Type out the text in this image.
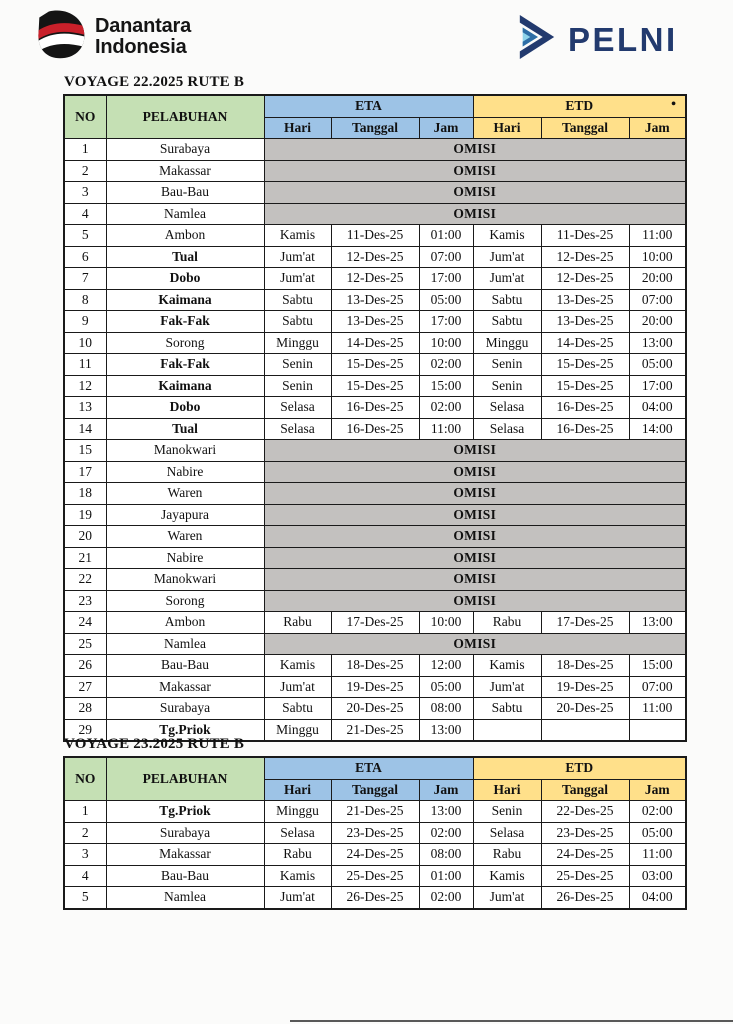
Danantara
Indonesia	PELNI
VOYAGE 22.2025 RUTE B
NO	PELABUHAN	ETA			ETD •		

		Hari	Tanggal	Jam	Hari	Tanggal	Jam
1	Surabaya	OMISI					
2	Makassar	OMISI					
3	Bau-Bau	OMISI					
4	Namlea	OMISI					
5	Ambon	Kamis	11-Des-25	01:00	Kamis	11-Des-25	11:00
6	Tual	Jum'at	12-Des-25	07:00	Jum'at	12-Des-25	10:00
7	Dobo	Jum'at	12-Des-25	17:00	Jum'at	12-Des-25	20:00
8	Kaimana	Sabtu	13-Des-25	05:00	Sabtu	13-Des-25	07:00
9	Fak-Fak	Sabtu	13-Des-25	17:00	Sabtu	13-Des-25	20:00
10	Sorong	Minggu	14-Des-25	10:00	Minggu	14-Des-25	13:00
11	Fak-Fak	Senin	15-Des-25	02:00	Senin	15-Des-25	05:00
12	Kaimana	Senin	15-Des-25	15:00	Senin	15-Des-25	17:00
13	Dobo	Selasa	16-Des-25	02:00	Selasa	16-Des-25	04:00
14	Tual	Selasa	16-Des-25	11:00	Selasa	16-Des-25	14:00
15	Manokwari	OMISI					
17	Nabire	OMISI					
18	Waren	OMISI					
19	Jayapura	OMISI					
20	Waren	OMISI					
21	Nabire	OMISI					
22	Manokwari	OMISI					
23	Sorong	OMISI					
24	Ambon	Rabu	17-Des-25	10:00	Rabu	17-Des-25	13:00
25	Namlea	OMISI					
26	Bau-Bau	Kamis	18-Des-25	12:00	Kamis	18-Des-25	15:00
27	Makassar	Jum'at	19-Des-25	05:00	Jum'at	19-Des-25	07:00
28	Surabaya	Sabtu	20-Des-25	08:00	Sabtu	20-Des-25	11:00
29	Tg.Priok	Minggu	21-Des-25	13:00			
VOYAGE 23.2025 RUTE B
NO	PELABUHAN	ETA			ETD		
		Hari	Tanggal	Jam	Hari	Tanggal	Jam
1	Tg.Priok	Minggu	21-Des-25	13:00	Senin	22-Des-25	02:00
2	Surabaya	Selasa	23-Des-25	02:00	Selasa	23-Des-25	05:00
3	Makassar	Rabu	24-Des-25	08:00	Rabu	24-Des-25	11:00
4	Bau-Bau	Kamis	25-Des-25	01:00	Kamis	25-Des-25	03:00
5	Namlea	Jum'at	26-Des-25	02:00	Jum'at	26-Des-25	04:00
